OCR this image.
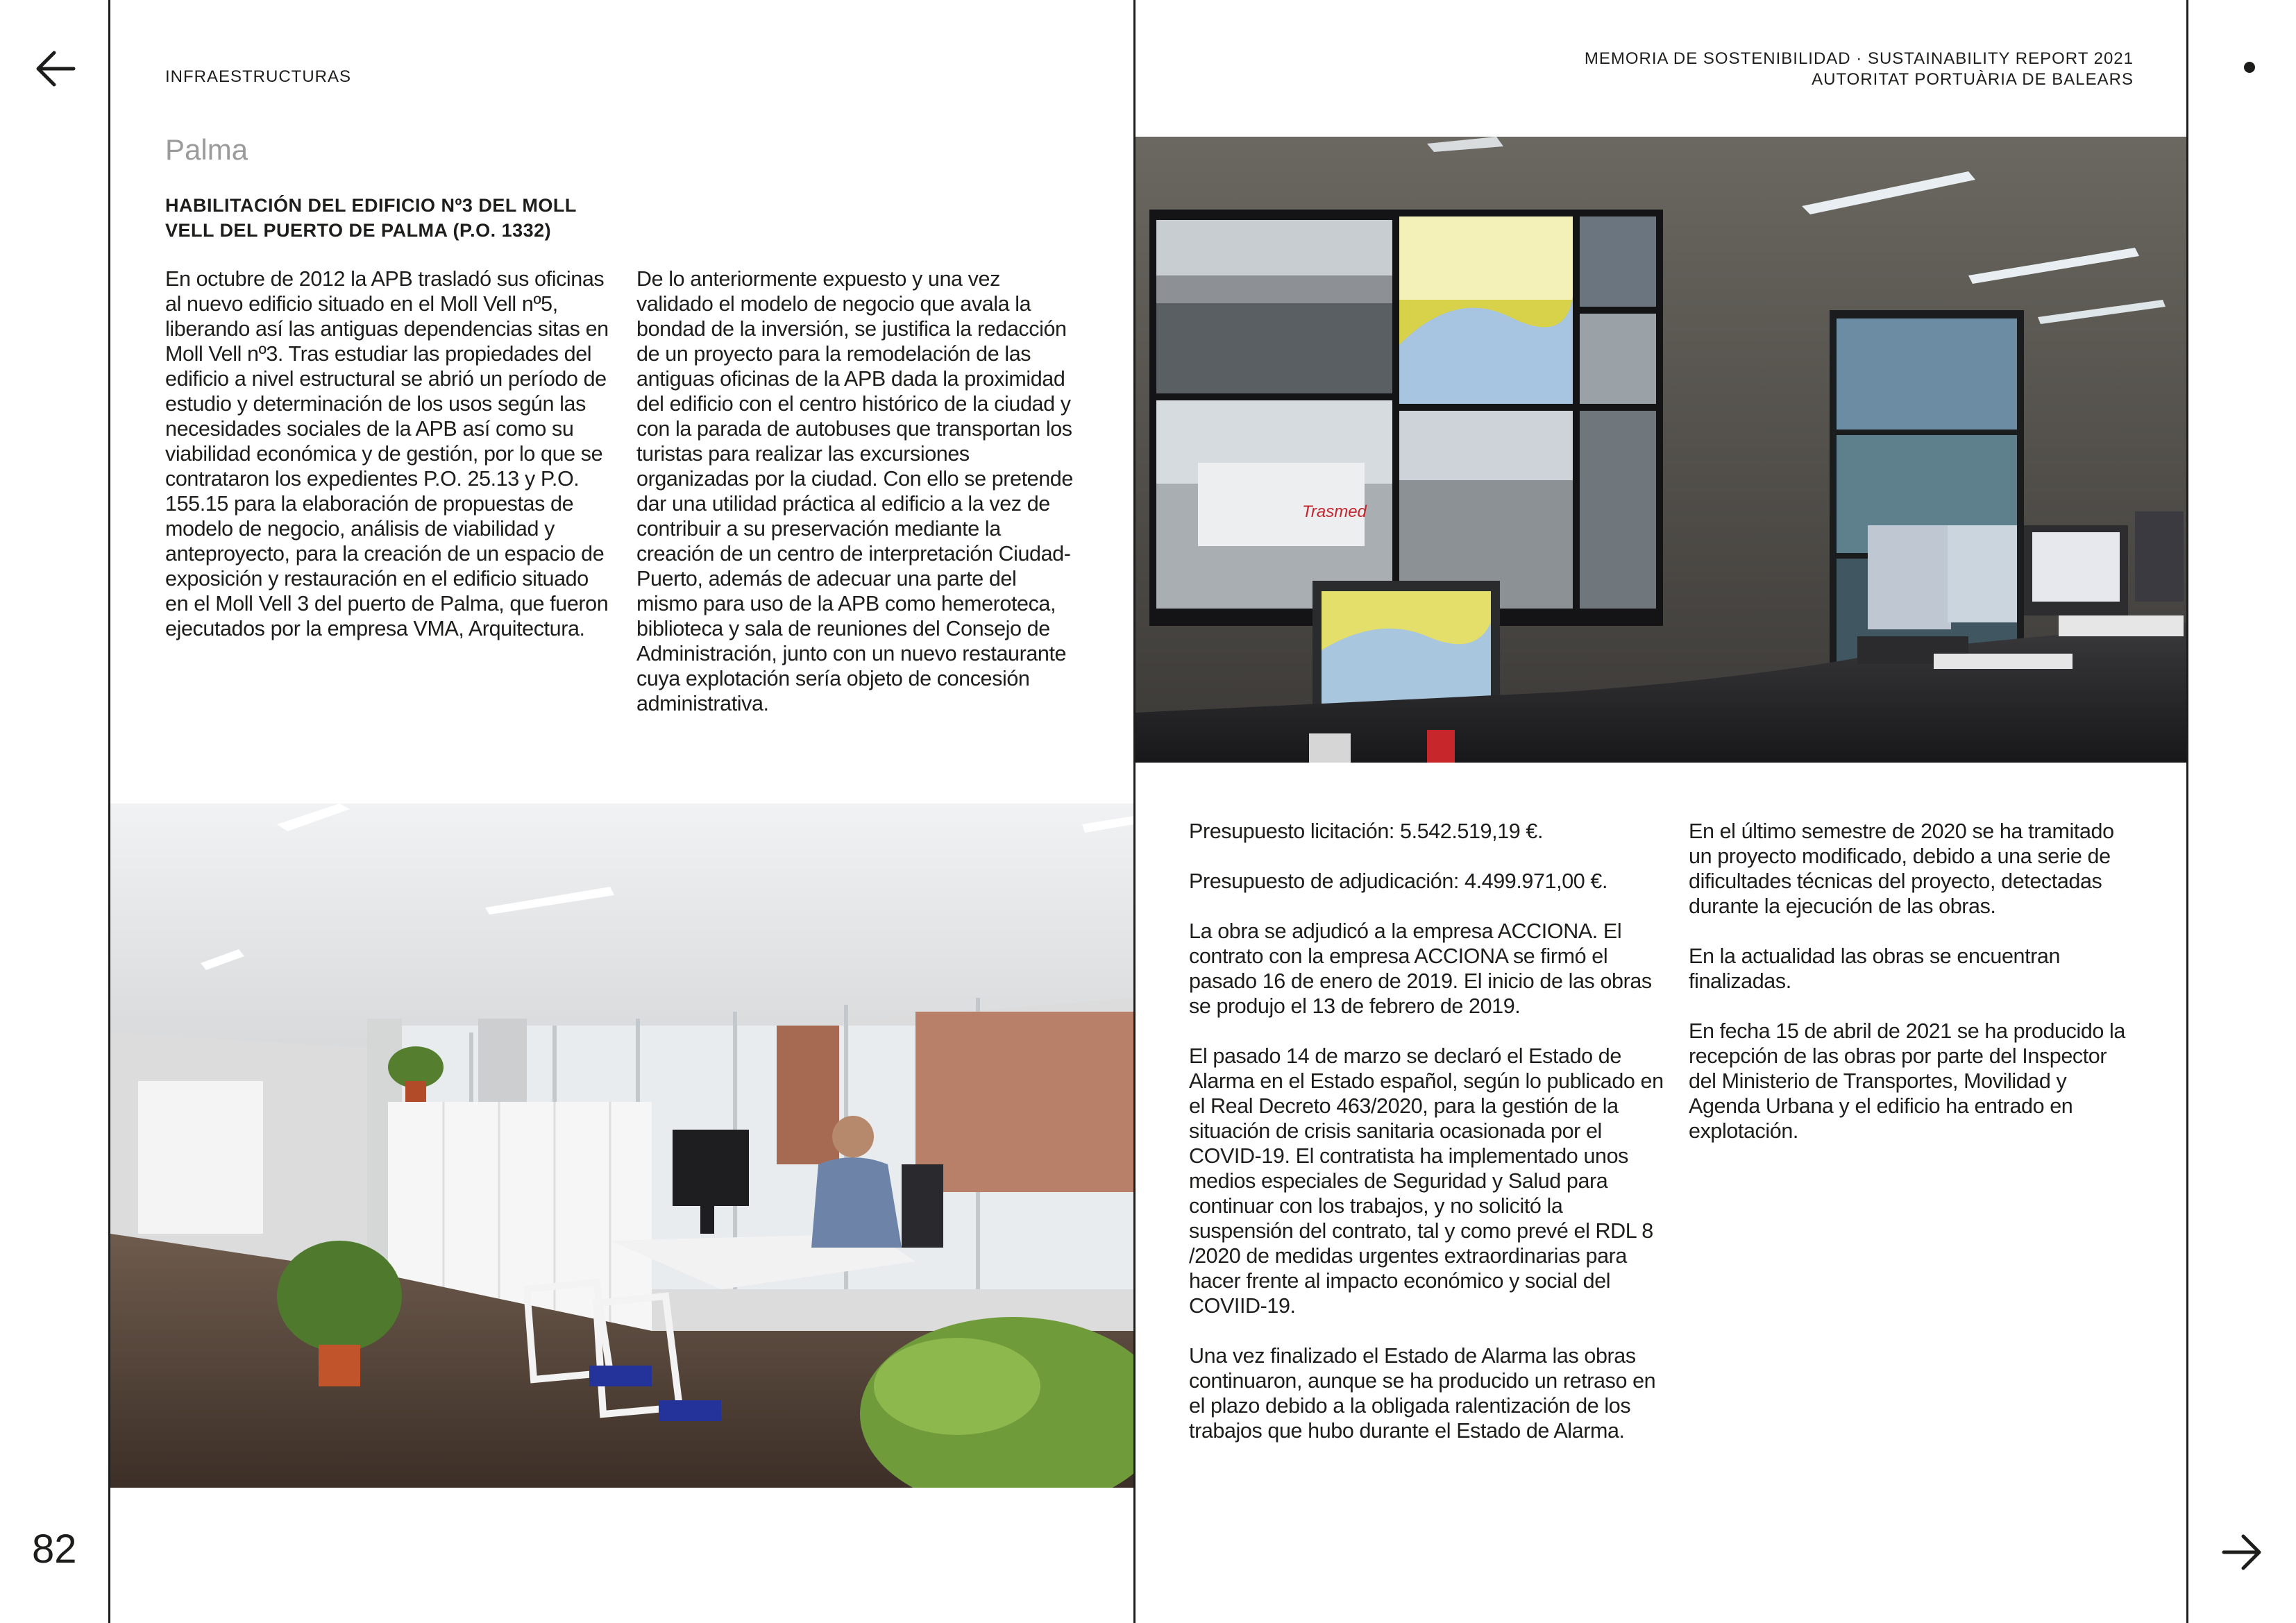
82
INFRAESTRUCTURAS
MEMORIA DE SOSTENIBILIDAD · SUSTAINABILITY REPORT 2021
AUTORITAT PORTUÀRIA DE BALEARS
Palma
HABILITACIÓN DEL EDIFICIO Nº3 DEL MOLL VELL DEL PUERTO DE PALMA (P.O. 1332)

En octubre de 2012 la APB trasladó sus oficinas al nuevo edificio situado en el Moll Vell nº5, liberando así las antiguas dependencias sitas en Moll Vell nº3. Tras estudiar las propiedades del edificio a nivel estructural se abrió un período de estudio y determinación de los usos según las necesidades sociales de la APB así como su viabilidad económica y de gestión, por lo que se contrataron los expedientes P.O. 25.13 y P.O. 155.15 para la elaboración de propuestas de modelo de negocio, análisis de viabilidad y anteproyecto, para la creación de un espacio de exposición y restauración en el edificio situado en el Moll Vell 3 del puerto de Palma, que fueron ejecutados por la empresa VMA, Arquitectura.

De lo anteriormente expuesto y una vez validado el modelo de negocio que avala la bondad de la inversión, se justifica la redacción de un proyecto para la remodelación de las antiguas oficinas de la APB dada la proximidad del edificio con el centro histórico de la ciudad y con la parada de autobuses que transportan los turistas para realizar las excursiones organizadas por la ciudad. Con ello se pretende dar una utilidad práctica al edificio a la vez de contribuir a su preservación mediante la creación de un centro de interpretación Ciudad-Puerto, además de adecuar una parte del mismo para uso de la APB como hemeroteca, biblioteca y sala de reuniones del Consejo de Administración, junto con un nuevo restaurante cuya explotación sería objeto de concesión administrativa.

Presupuesto licitación: 5.542.519,19 €.

Presupuesto de adjudicación: 4.499.971,00 €.

La obra se adjudicó a la empresa ACCIONA. El contrato con la empresa ACCIONA se firmó el pasado 16 de enero de 2019. El inicio de las obras se produjo el 13 de febrero de 2019.

El pasado 14 de marzo se declaró el Estado de Alarma en el Estado español, según lo publicado en el Real Decreto 463/2020, para la gestión de la situación de crisis sanitaria ocasionada por el COVID-19. El contratista ha implementado unos medios especiales de Seguridad y Salud para continuar con los trabajos, y no solicitó la suspensión del contrato, tal y como prevé el RDL 8 /2020 de medidas urgentes extraordinarias para hacer frente al impacto económico y social del COVIID-19.

Una vez finalizado el Estado de Alarma las obras continuaron, aunque se ha producido un retraso en el plazo debido a la obligada ralentización de los trabajos que hubo durante el Estado de Alarma.

En el último semestre de 2020 se ha tramitado un proyecto modificado, debido a una serie de dificultades técnicas del proyecto, detectadas durante la ejecución de las obras.

En la actualidad las obras se encuentran finalizadas.

En fecha 15 de abril de 2021 se ha producido la recepción de las obras por parte del Inspector del Ministerio de Transportes, Movilidad y Agenda Urbana y el edificio ha entrado en explotación.

Trasmed
